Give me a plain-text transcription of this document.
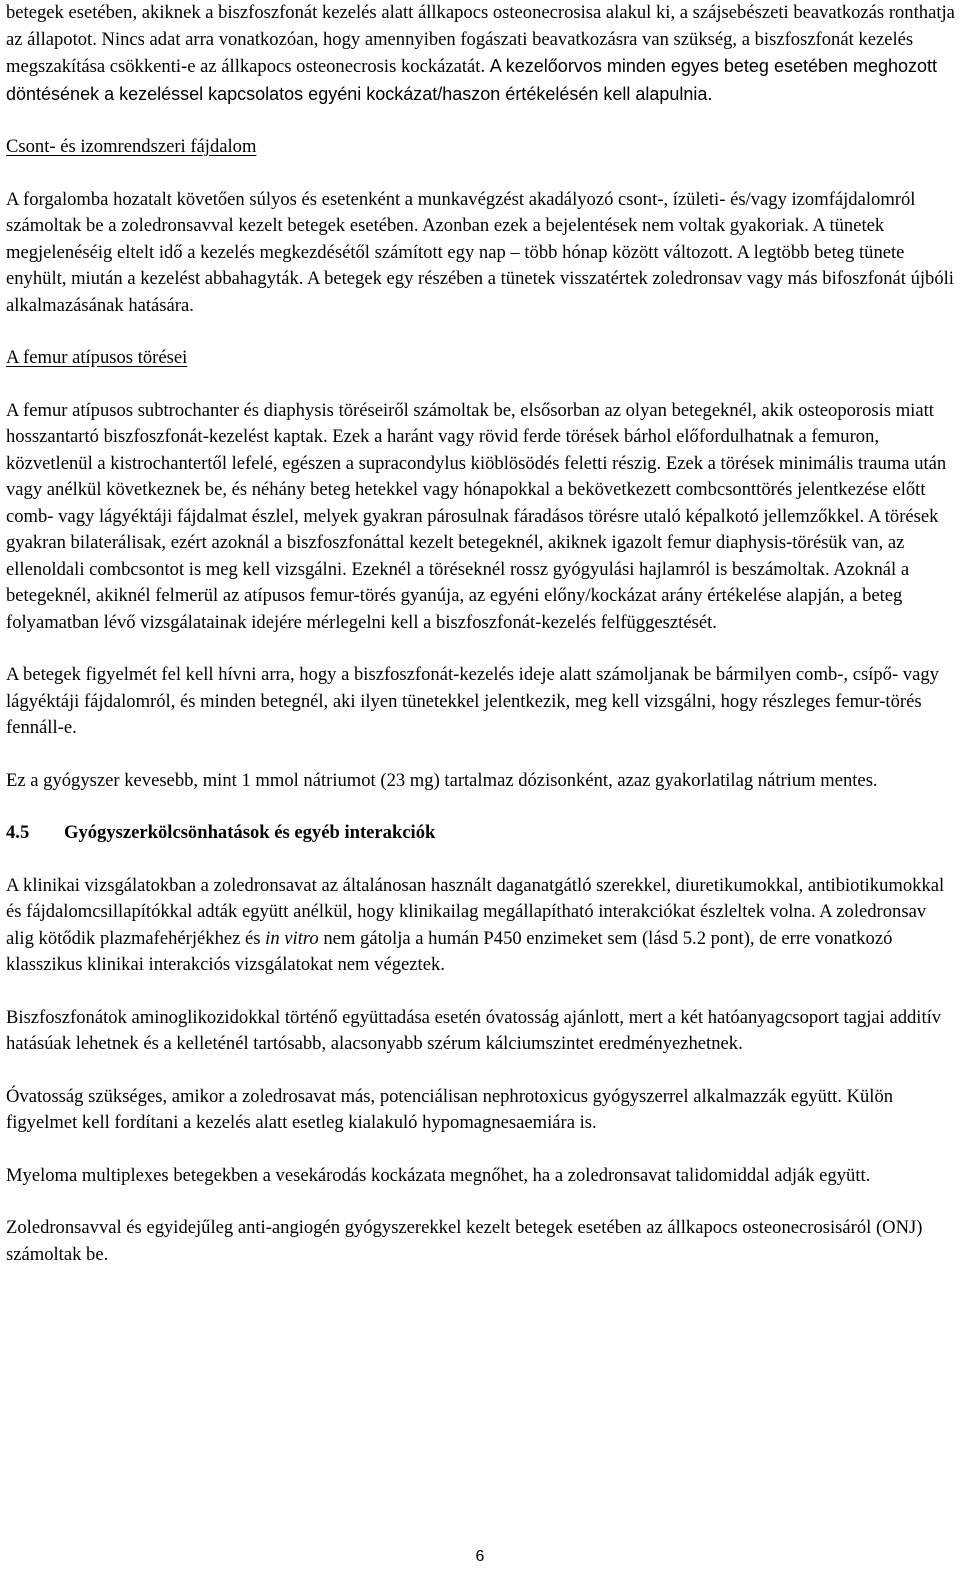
betegek esetében, akiknek a biszfoszfonát kezelés alatt állkapocs osteonecrosisa alakul ki, a szájsebészeti beavatkozás ronthatja az állapotot. Nincs adat arra vonatkozóan, hogy amennyiben fogászati beavatkozásra van szükség, a biszfoszfonát kezelés megszakítása csökkenti-e az állkapocs osteonecrosis kockázatát. A kezelőorvos minden egyes beteg esetében meghozott döntésének a kezeléssel kapcsolatos egyéni kockázat/haszon értékelésén kell alapulnia.

Csont- és izomrendszeri fájdalom

A forgalomba hozatalt követően súlyos és esetenként a munkavégzést akadályozó csont-, ízületi- és/vagy izomfájdalomról számoltak be a zoledronsavval kezelt betegek esetében. Azonban ezek a bejelentések nem voltak gyakoriak. A tünetek megjelenéséig eltelt idő a kezelés megkezdésétől számított egy nap – több hónap között változott. A legtöbb beteg tünete enyhült, miután a kezelést abbahagyták. A betegek egy részében a tünetek visszatértek zoledronsav vagy más bifoszfonát újbóli alkalmazásának hatására.

A femur atípusos törései

A femur atípusos subtrochanter és diaphysis töréseiről számoltak be, elsősorban az olyan betegeknél, akik osteoporosis miatt hosszantartó biszfoszfonát-kezelést kaptak. Ezek a haránt vagy rövid ferde törések bárhol előfordulhatnak a femuron, közvetlenül a kistrochantertől lefelé, egészen a supracondylus kiöblösödés feletti részig. Ezek a törések minimális trauma után vagy anélkül következnek be, és néhány beteg hetekkel vagy hónapokkal a bekövetkezett combcsonttörés jelentkezése előtt comb- vagy lágyéktáji fájdalmat észlel, melyek gyakran párosulnak fáradásos törésre utaló képalkotó jellemzőkkel. A törések gyakran bilaterálisak, ezért azoknál a biszfoszfonáttal kezelt betegeknél, akiknek igazolt femur diaphysis-törésük van, az ellenoldali combcsontot is meg kell vizsgálni. Ezeknél a töréseknél rossz gyógyulási hajlamról is beszámoltak. Azoknál a betegeknél, akiknél felmerül az atípusos femur-törés gyanúja, az egyéni előny/kockázat arány értékelése alapján, a beteg folyamatban lévő vizsgálatainak idejére mérlegelni kell a biszfoszfonát-kezelés felfüggesztését.

A betegek figyelmét fel kell hívni arra, hogy a biszfoszfonát-kezelés ideje alatt számoljanak be bármilyen comb-, csípő- vagy lágyéktáji fájdalomról, és minden betegnél, aki ilyen tünetekkel jelentkezik, meg kell vizsgálni, hogy részleges femur-törés fennáll-e.

Ez a gyógyszer kevesebb, mint 1 mmol nátriumot (23 mg) tartalmaz dózisonként, azaz gyakorlatilag nátrium mentes.

4.5 Gyógyszerkölcsönhatások és egyéb interakciók

A klinikai vizsgálatokban a zoledronsavat az általánosan használt daganatgátló szerekkel, diuretikumokkal, antibiotikumokkal és fájdalomcsillapítókkal adták együtt anélkül, hogy klinikailag megállapítható interakciókat észleltek volna. A zoledronsav alig kötődik plazmafehérjékhez és in vitro nem gátolja a humán P450 enzimeket sem (lásd 5.2 pont), de erre vonatkozó klasszikus klinikai interakciós vizsgálatokat nem végeztek.

Biszfoszfonátok aminoglikozidokkal történő együttadása esetén óvatosság ajánlott, mert a két hatóanyagcsoport tagjai additív hatásúak lehetnek és a kelleténél tartósabb, alacsonyabb szérum kálciumszintet eredményezhetnek.

Óvatosság szükséges, amikor a zoledrosavat más, potenciálisan nephrotoxicus gyógyszerrel alkalmazzák együtt. Külön figyelmet kell fordítani a kezelés alatt esetleg kialakuló hypomagnesaemiára is.

Myeloma multiplexes betegekben a vesekárodás kockázata megnőhet, ha a zoledronsavat talidomiddal adják együtt.

Zoledronsavval és egyidejűleg anti-angiogén gyógyszerekkel kezelt betegek esetében az állkapocs osteonecrosisáról (ONJ) számoltak be.

6
